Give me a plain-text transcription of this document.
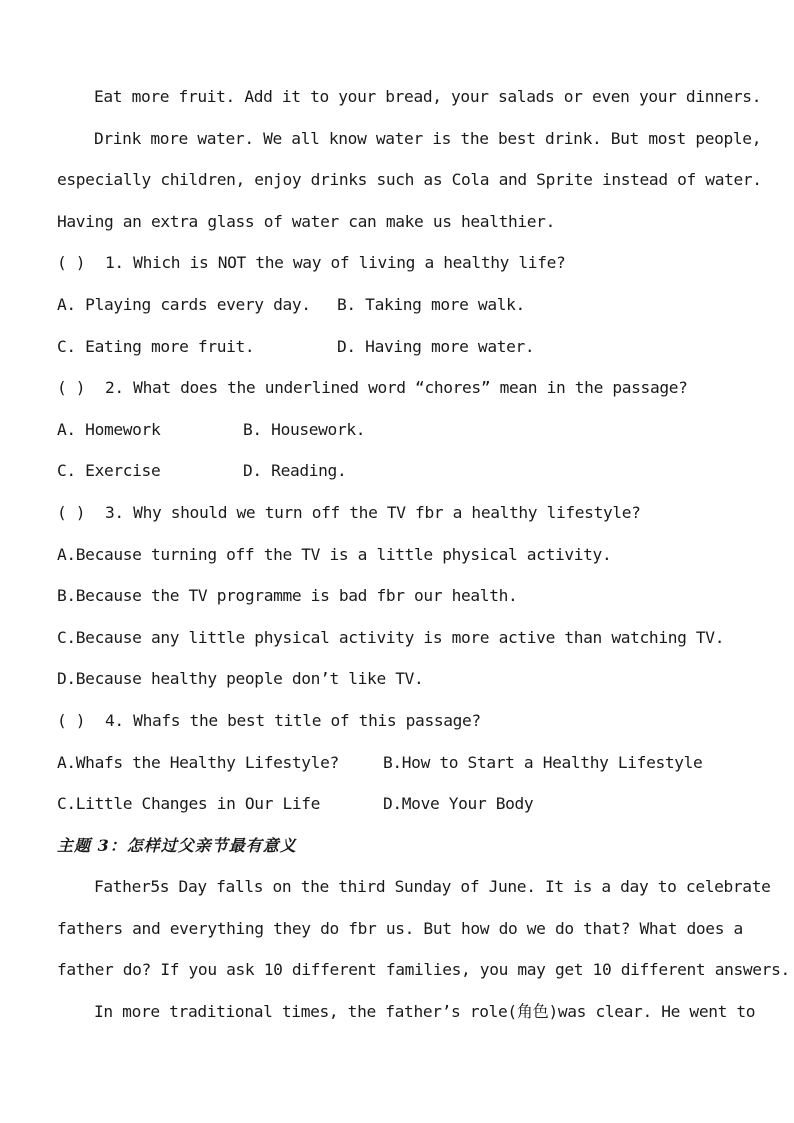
Eat more fruit. Add it to your bread, your salads or even your dinners.
Drink more water. We all know water is the best drink. But most people,
especially children, enjoy drinks such as Cola and Sprite instead of water.
Having an extra glass of water can make us healthier.
( )	1. Which is NOT the way of living a healthy life?
A. Playing cards every day.	B. Taking more walk.
C. Eating more fruit.	D. Having more water.
( )	2. What does the underlined word “chores” mean in the passage?
A. Homework	B. Housework.
C. Exercise	D. Reading.
( )	3. Why should we turn off the TV fbr a healthy lifestyle?
A.Because turning off the TV is a little physical activity.
B.Because the TV programme is bad fbr our health.
C.Because any little physical activity is more active than watching TV.
D.Because healthy people don’t like TV.
( )	4. Whafs the best title of this passage?
A.Whafs the Healthy Lifestyle?	B.How to Start a Healthy Lifestyle
C.Little Changes in Our Life	D.Move Your Body
主题 3：怎样过父亲节最有意义
Father5s Day falls on the third Sunday of June. It is a day to celebrate
fathers and everything they do fbr us. But how do we do that? What does a
father do? If you ask 10 different families, you may get 10 different answers.
In more traditional times, the father’s role(角色)was clear. He went to
